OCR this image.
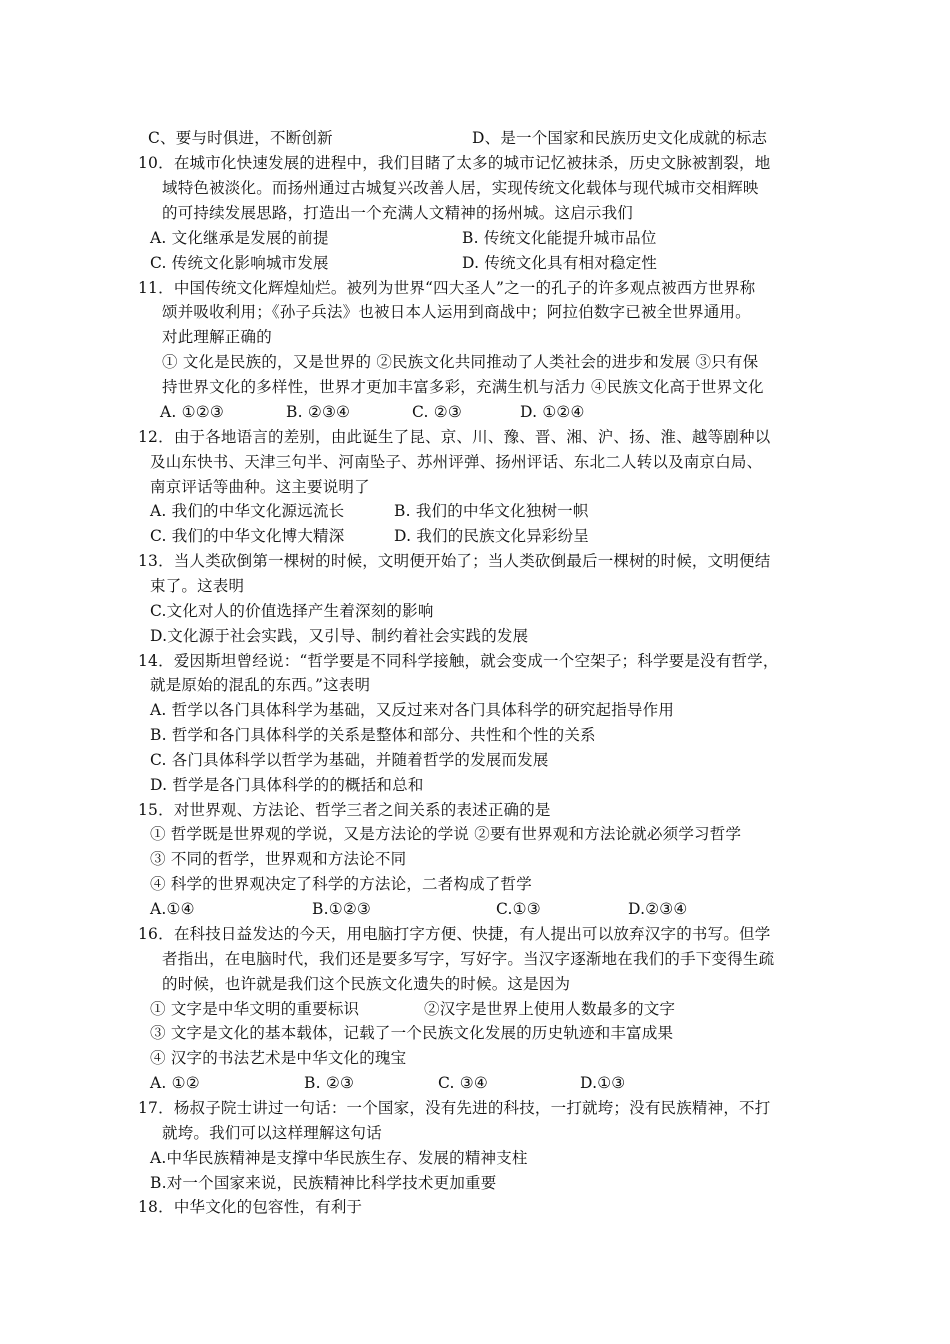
C、要与时俱进，不断创新	D、是一个国家和民族历史文化成就的标志
10．在城市化快速发展的进程中，我们目睹了太多的城市记忆被抹杀，历史文脉被割裂，地
域特色被淡化。而扬州通过古城复兴改善人居，实现传统文化载体与现代城市交相辉映
的可持续发展思路，打造出一个充满人文精神的扬州城。这启示我们
A. 文化继承是发展的前提	B. 传统文化能提升城市品位
C. 传统文化影响城市发展	D. 传统文化具有相对稳定性
11．中国传统文化辉煌灿烂。被列为世界“四大圣人”之一的孔子的许多观点被西方世界称
颂并吸收利用；《孙子兵法》也被日本人运用到商战中；阿拉伯数字已被全世界通用。
对此理解正确的
① 文化是民族的，又是世界的 ②民族文化共同推动了人类社会的进步和发展 ③只有保
持世界文化的多样性，世界才更加丰富多彩，充满生机与活力 ④民族文化高于世界文化
A. ①②③	B. ②③④	C. ②③	D. ①②④
12．由于各地语言的差别，由此诞生了昆、京、川、豫、晋、湘、沪、扬、淮、越等剧种以
及山东快书、天津三句半、河南坠子、苏州评弹、扬州评话、东北二人转以及南京白局、
南京评话等曲种。这主要说明了
A. 我们的中华文化源远流长	B. 我们的中华文化独树一帜
C. 我们的中华文化博大精深	D. 我们的民族文化异彩纷呈
13．当人类砍倒第一棵树的时候，文明便开始了；当人类砍倒最后一棵树的时候，文明便结
束了。这表明
C.文化对人的价值选择产生着深刻的影响
D.文化源于社会实践，又引导、制约着社会实践的发展
14．爱因斯坦曾经说：“哲学要是不同科学接触，就会变成一个空架子；科学要是没有哲学，
就是原始的混乱的东西。”这表明
A. 哲学以各门具体科学为基础，又反过来对各门具体科学的研究起指导作用
B. 哲学和各门具体科学的关系是整体和部分、共性和个性的关系
C. 各门具体科学以哲学为基础，并随着哲学的发展而发展
D. 哲学是各门具体科学的的概括和总和
15．对世界观、方法论、哲学三者之间关系的表述正确的是
① 哲学既是世界观的学说，又是方法论的学说 ②要有世界观和方法论就必须学习哲学
③ 不同的哲学，世界观和方法论不同
④ 科学的世界观决定了科学的方法论，二者构成了哲学
A.①④	B.①②③	C.①③	D.②③④
16．在科技日益发达的今天，用电脑打字方便、快捷，有人提出可以放弃汉字的书写。但学
者指出，在电脑时代，我们还是要多写字，写好字。当汉字逐渐地在我们的手下变得生疏
的时候，也许就是我们这个民族文化遗失的时候。这是因为
① 文字是中华文明的重要标识	②汉字是世界上使用人数最多的文字
③ 文字是文化的基本载体，记载了一个民族文化发展的历史轨迹和丰富成果
④ 汉字的书法艺术是中华文化的瑰宝
A. ①②	B. ②③	C. ③④	D.①③
17．杨叔子院士讲过一句话：一个国家，没有先进的科技，一打就垮；没有民族精神，不打
就垮。我们可以这样理解这句话
A.中华民族精神是支撑中华民族生存、发展的精神支柱
B.对一个国家来说，民族精神比科学技术更加重要
18．中华文化的包容性，有利于
